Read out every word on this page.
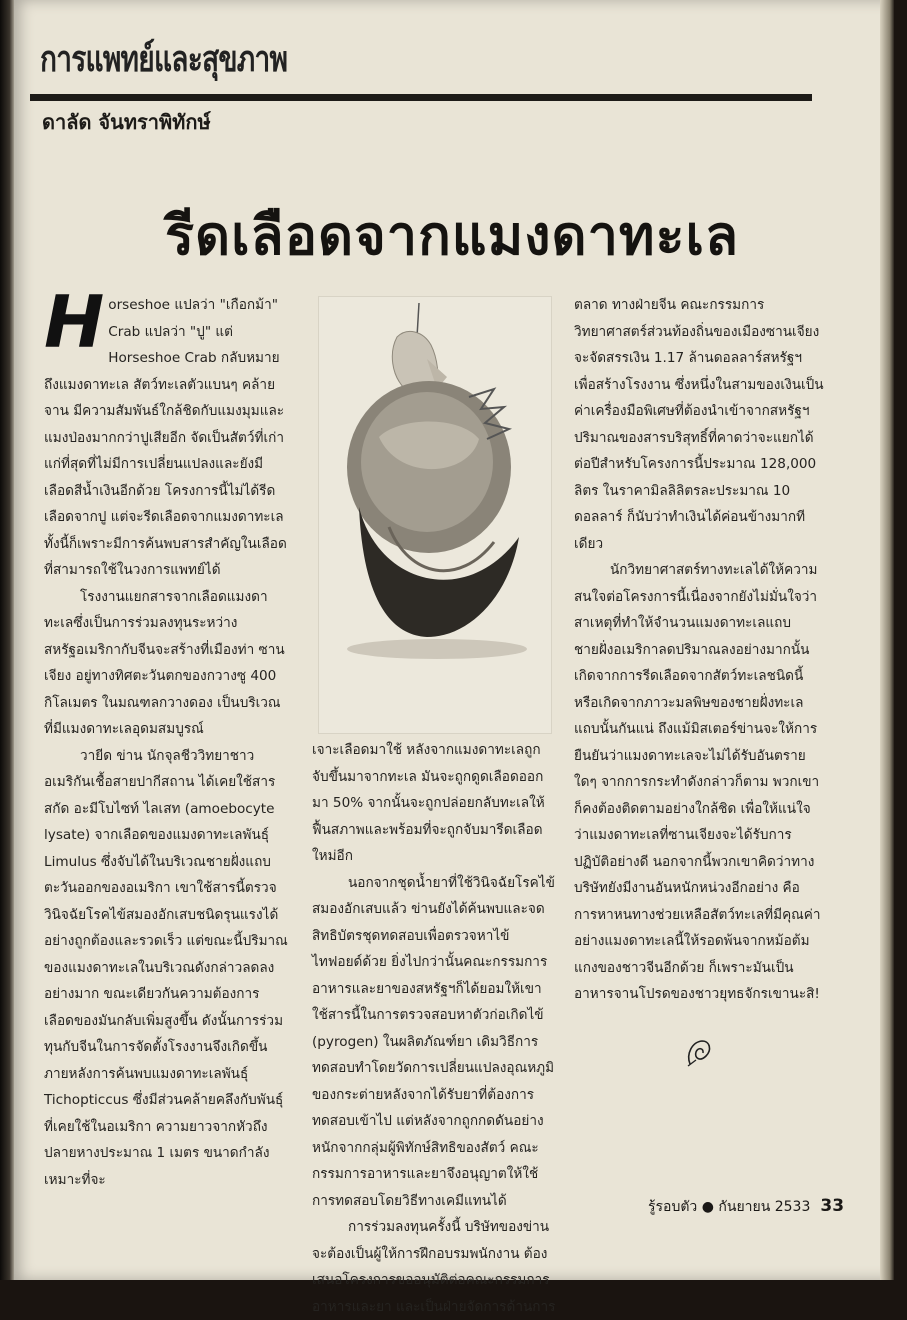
การแพทย์และสุขภาพ
ดาลัด จันทราพิทักษ์
รีดเลือดจากแมงดาทะเล

Horseshoe แปลว่า "เกือกม้า" Crab แปลว่า "ปู" แต่ Horseshoe Crab กลับหมายถึงแมงดาทะเล สัตว์ทะเลตัวแบนๆ คล้ายจาน มีความสัมพันธ์ใกล้ชิดกับแมงมุมและแมงป่องมากกว่าปูเสียอีก จัดเป็นสัตว์ที่เก่าแก่ที่สุดที่ไม่มีการเปลี่ยนแปลงและยังมีเลือดสีน้ำเงินอีกด้วย โครงการนี้ไม่ได้รีดเลือดจากปู แต่จะรีดเลือดจากแมงดาทะเล ทั้งนี้ก็เพราะมีการค้นพบสารสำคัญในเลือดที่สามารถใช้ในวงการแพทย์ได้

โรงงานแยกสารจากเลือดแมงดาทะเลซึ่งเป็นการร่วมลงทุนระหว่างสหรัฐอเมริกากับจีนจะสร้างที่เมืองท่า ซานเจียง อยู่ทางทิศตะวันตกของกวางซู 400 กิโลเมตร ในมณฑลกวางดอง เป็นบริเวณที่มีแมงดาทะเลอุดมสมบูรณ์

วายีด ข่าน นักจุลชีววิทยาชาวอเมริกันเชื้อสายปากีสถาน ได้เคยใช้สารสกัด อะมีโบไซท์ ไลเสท (amoebocyte lysate) จากเลือดของแมงดาทะเลพันธุ์ Limulus ซึ่งจับได้ในบริเวณชายฝั่งแถบตะวันออกของอเมริกา เขาใช้สารนี้ตรวจวินิจฉัยโรคไข้สมองอักเสบชนิดรุนแรงได้อย่างถูกต้องและรวดเร็ว แต่ขณะนี้ปริมาณของแมงดาทะเลในบริเวณดังกล่าวลดลงอย่างมาก ขณะเดียวกันความต้องการเลือดของมันกลับเพิ่มสูงขึ้น ดังนั้นการร่วมทุนกับจีนในการจัดตั้งโรงงานจึงเกิดขึ้นภายหลังการค้นพบแมงดาทะเลพันธุ์ Tichopticcus ซึ่งมีส่วนคล้ายคลึงกับพันธุ์ที่เคยใช้ในอเมริกา ความยาวจากหัวถึงปลายหางประมาณ 1 เมตร ขนาดกำลังเหมาะที่จะ

เจาะเลือดมาใช้ หลังจากแมงดาทะเลถูกจับขึ้นมาจากทะเล มันจะถูกดูดเลือดออกมา 50% จากนั้นจะถูกปล่อยกลับทะเลให้ฟื้นสภาพและพร้อมที่จะถูกจับมารีดเลือดใหม่อีก

นอกจากชุดน้ำยาที่ใช้วินิจฉัยโรคไข้สมองอักเสบแล้ว ข่านยังได้ค้นพบและจดสิทธิบัตรชุดทดสอบเพื่อตรวจหาไข้ไทฟอยด์ด้วย ยิ่งไปกว่านั้นคณะกรรมการอาหารและยาของสหรัฐฯก็ได้ยอมให้เขาใช้สารนี้ในการตรวจสอบหาตัวก่อเกิดไข้ (pyrogen) ในผลิตภัณฑ์ยา เดิมวิธีการทดสอบทำโดยวัดการเปลี่ยนแปลงอุณหภูมิของกระต่ายหลังจากได้รับยาที่ต้องการทดสอบเข้าไป แต่หลังจากถูกกดดันอย่างหนักจากกลุ่มผู้พิทักษ์สิทธิของสัตว์ คณะกรรมการอาหารและยาจึงอนุญาตให้ใช้การทดสอบโดยวิธีทางเคมีแทนได้

การร่วมลงทุนครั้งนี้ บริษัทของข่านจะต้องเป็นผู้ให้การฝึกอบรมพนักงาน ต้องเสนอโครงการขออนุมัติต่อคณะกรรมการอาหารและยา และเป็นฝ่ายจัดการด้านการ

ตลาด ทางฝ่ายจีน คณะกรรมการวิทยาศาสตร์ส่วนท้องถิ่นของเมืองซานเจียงจะจัดสรรเงิน 1.17 ล้านดอลลาร์สหรัฐฯ เพื่อสร้างโรงงาน ซึ่งหนึ่งในสามของเงินเป็นค่าเครื่องมือพิเศษที่ต้องนำเข้าจากสหรัฐฯ ปริมาณของสารบริสุทธิ์ที่คาดว่าจะแยกได้ต่อปีสำหรับโครงการนี้ประมาณ 128,000 ลิตร ในราคามิลลิลิตรละประมาณ 10 ดอลลาร์ ก็นับว่าทำเงินได้ค่อนข้างมากทีเดียว

นักวิทยาศาสตร์ทางทะเลได้ให้ความสนใจต่อโครงการนี้เนื่องจากยังไม่มั่นใจว่าสาเหตุที่ทำให้จำนวนแมงดาทะเลแถบชายฝั่งอเมริกาลดปริมาณลงอย่างมากนั้น เกิดจากการรีดเลือดจากสัตว์ทะเลชนิดนี้ หรือเกิดจากภาวะมลพิษของชายฝั่งทะเลแถบนั้นกันแน่ ถึงแม้มิสเตอร์ข่านจะให้การยืนยันว่าแมงดาทะเลจะไม่ได้รับอันตรายใดๆ จากการกระทำดังกล่าวก็ตาม พวกเขาก็คงต้องติดตามอย่างใกล้ชิด เพื่อให้แน่ใจว่าแมงดาทะเลที่ซานเจียงจะได้รับการปฏิบัติอย่างดี นอกจากนี้พวกเขาคิดว่าทางบริษัทยังมีงานอันหนักหน่วงอีกอย่าง คือ การหาหนทางช่วยเหลือสัตว์ทะเลที่มีคุณค่าอย่างแมงดาทะเลนี้ให้รอดพ้นจากหม้อต้มแกงของชาวจีนอีกด้วย ก็เพราะมันเป็นอาหารจานโปรดของชาวยุทธจักรเขานะสิ!

รู้รอบตัว ● กันยายน 2533 33
